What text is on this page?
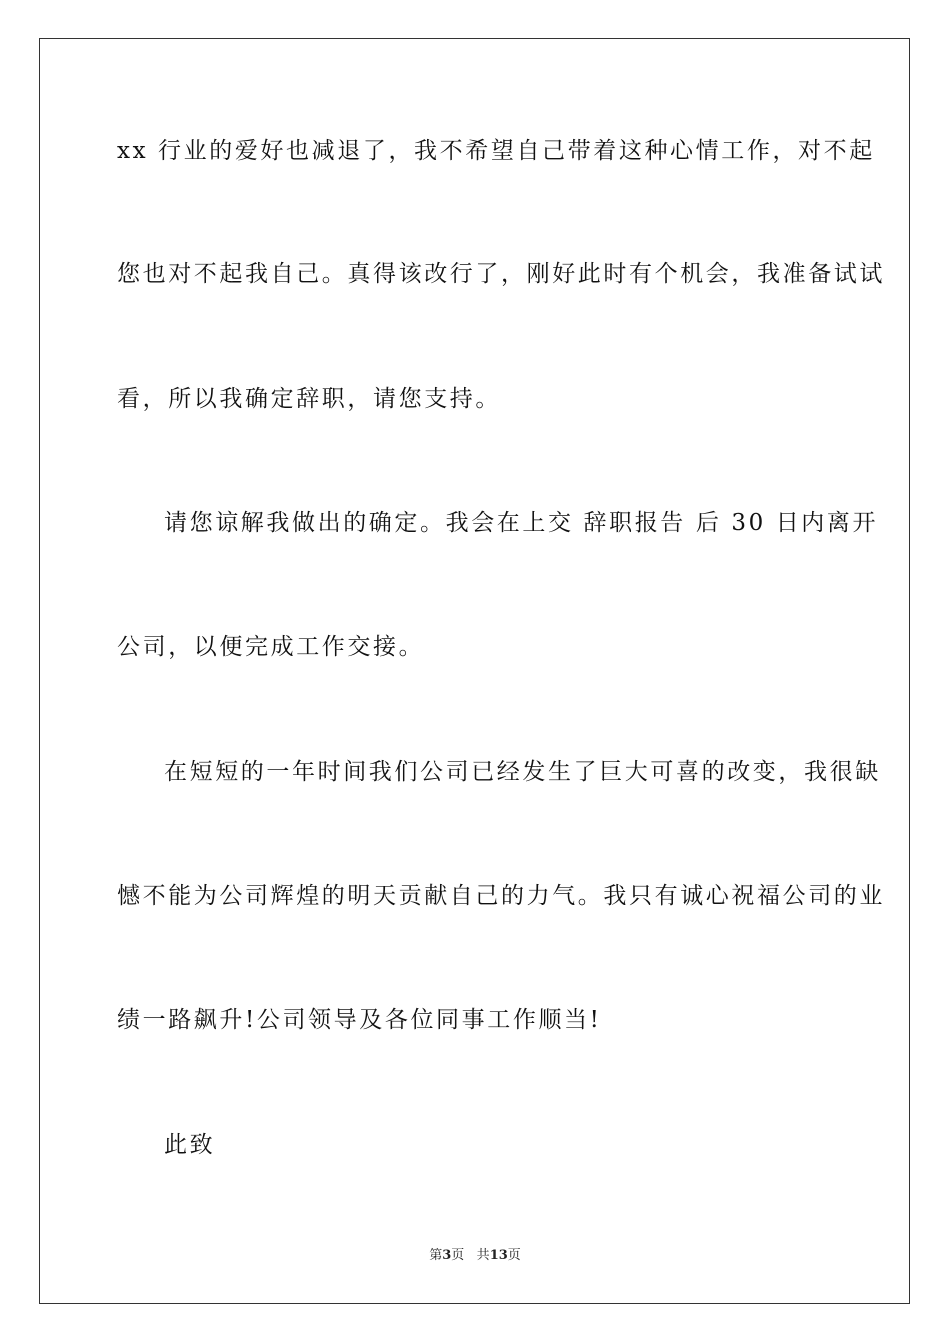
xx 行业的爱好也减退了，我不希望自己带着这种心情工作，对不起
您也对不起我自己。真得该改行了，刚好此时有个机会，我准备试试
看，所以我确定辞职，请您支持。
请您谅解我做出的确定。我会在上交 辞职报告 后 30 日内离开
公司，以便完成工作交接。
在短短的一年时间我们公司已经发生了巨大可喜的改变，我很缺
憾不能为公司辉煌的明天贡献自己的力气。我只有诚心祝福公司的业
绩一路飙升!公司领导及各位同事工作顺当!
此致
第3页 共13页
